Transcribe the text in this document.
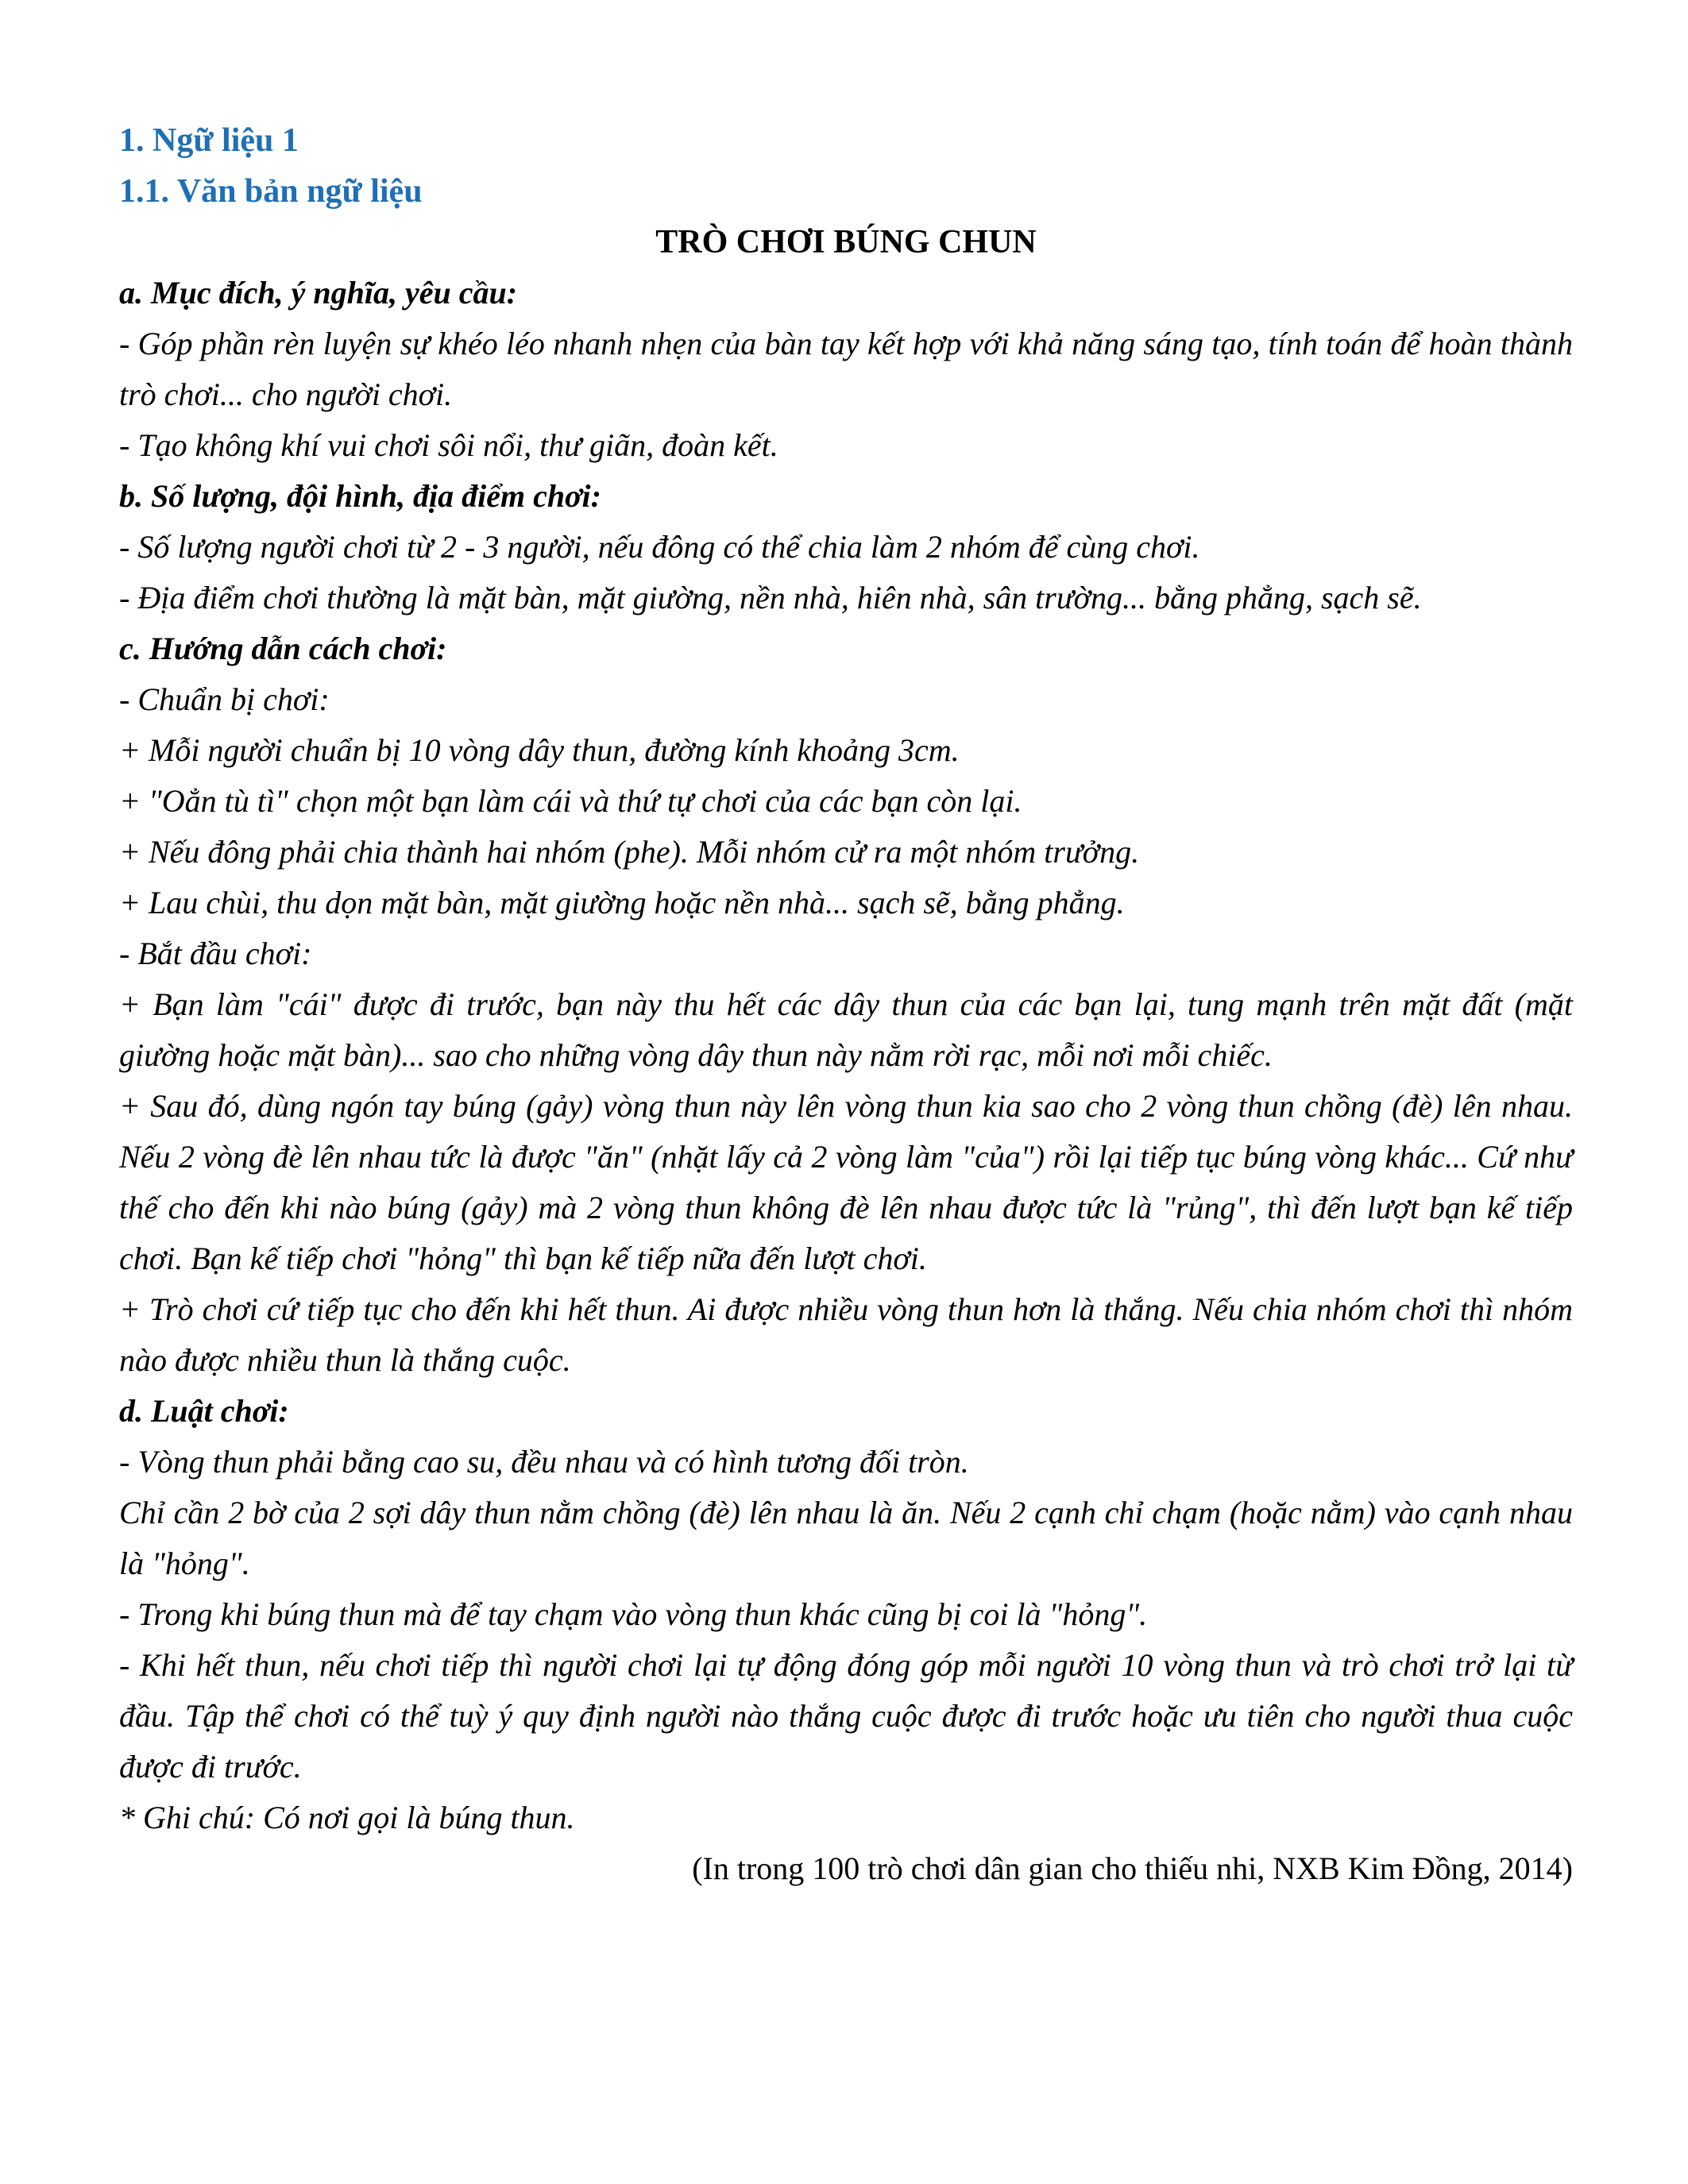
1. Ngữ liệu 1
1.1. Văn bản ngữ liệu
TRÒ CHƠI BÚNG CHUN

a. Mục đích, ý nghĩa, yêu cầu:

- Góp phần rèn luyện sự khéo léo nhanh nhẹn của bàn tay kết hợp với khả năng sáng tạo, tính toán để hoàn thành trò chơi... cho người chơi.

- Tạo không khí vui chơi sôi nổi, thư giãn, đoàn kết.

b. Số lượng, đội hình, địa điểm chơi:

- Số lượng người chơi từ 2 - 3 người, nếu đông có thể chia làm 2 nhóm để cùng chơi.

- Địa điểm chơi thường là mặt bàn, mặt giường, nền nhà, hiên nhà, sân trường... bằng phẳng, sạch sẽ.

c. Hướng dẫn cách chơi:

- Chuẩn bị chơi:

+ Mỗi người chuẩn bị 10 vòng dây thun, đường kính khoảng 3cm.

+ "Oẳn tù tì" chọn một bạn làm cái và thứ tự chơi của các bạn còn lại.

+ Nếu đông phải chia thành hai nhóm (phe). Mỗi nhóm cử ra một nhóm trưởng.

+ Lau chùi, thu dọn mặt bàn, mặt giường hoặc nền nhà... sạch sẽ, bằng phẳng.

- Bắt đầu chơi:

+ Bạn làm "cái" được đi trước, bạn này thu hết các dây thun của các bạn lại, tung mạnh trên mặt đất (mặt giường hoặc mặt bàn)... sao cho những vòng dây thun này nằm rời rạc, mỗi nơi mỗi chiếc.

+ Sau đó, dùng ngón tay búng (gảy) vòng thun này lên vòng thun kia sao cho 2 vòng thun chồng (đè) lên nhau. Nếu 2 vòng đè lên nhau tức là được "ăn" (nhặt lấy cả 2 vòng làm "của") rồi lại tiếp tục búng vòng khác... Cứ như thế cho đến khi nào búng (gảy) mà 2 vòng thun không đè lên nhau được tức là "rủng", thì đến lượt bạn kế tiếp chơi. Bạn kế tiếp chơi "hỏng" thì bạn kế tiếp nữa đến lượt chơi.

+ Trò chơi cứ tiếp tục cho đến khi hết thun. Ai được nhiều vòng thun hơn là thắng. Nếu chia nhóm chơi thì nhóm nào được nhiều thun là thắng cuộc.

d. Luật chơi:

- Vòng thun phải bằng cao su, đều nhau và có hình tương đối tròn.

Chỉ cần 2 bờ của 2 sợi dây thun nằm chồng (đè) lên nhau là ăn. Nếu 2 cạnh chỉ chạm (hoặc nằm) vào cạnh nhau là "hỏng".

- Trong khi búng thun mà để tay chạm vào vòng thun khác cũng bị coi là "hỏng".

- Khi hết thun, nếu chơi tiếp thì người chơi lại tự động đóng góp mỗi người 10 vòng thun và trò chơi trở lại từ đầu. Tập thể chơi có thể tuỳ ý quy định người nào thắng cuộc được đi trước hoặc ưu tiên cho người thua cuộc được đi trước.

* Ghi chú: Có nơi gọi là búng thun.

(In trong 100 trò chơi dân gian cho thiếu nhi, NXB Kim Đồng, 2014)
